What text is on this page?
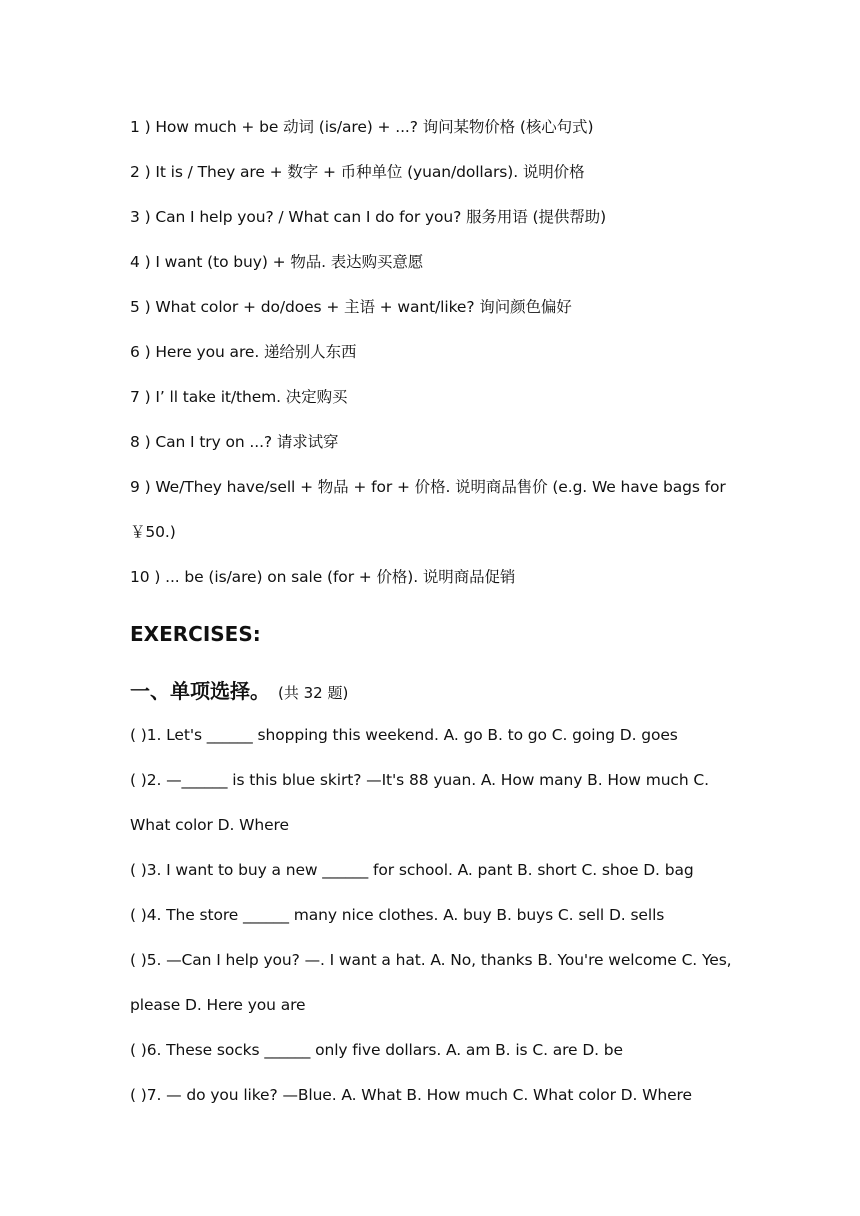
1 ) How much + be 动词 (is/are) + ...? 询问某物价格 (核心句式)
2 ) It is / They are + 数字 + 币种单位 (yuan/dollars). 说明价格
3 ) Can I help you? / What can I do for you? 服务用语 (提供帮助)
4 ) I want (to buy) + 物品. 表达购买意愿
5 ) What color + do/does + 主语 + want/like? 询问颜色偏好
6 ) Here you are. 递给别人东西
7 ) I’ ll take it/them. 决定购买
8 ) Can I try on ...? 请求试穿
9 ) We/They have/sell + 物品 + for + 价格. 说明商品售价 (e.g. We have bags for ￥50.)
10 ) ... be (is/are) on sale (for + 价格). 说明商品促销
EXERCISES:
一、单项选择。 (共 32 题)
( )1. Let's ______ shopping this weekend. A. go B. to go C. going D. goes
( )2. —______ is this blue skirt? —It's 88 yuan. A. How many B. How much C. What color D. Where
( )3. I want to buy a new ______ for school. A. pant B. short C. shoe D. bag
( )4. The store ______ many nice clothes. A. buy B. buys C. sell D. sells
( )5. —Can I help you? —. I want a hat. A. No, thanks B. You're welcome C. Yes, please D. Here you are
( )6. These socks ______ only five dollars. A. am B. is C. are D. be
( )7. — do you like? —Blue. A. What B. How much C. What color D. Where
